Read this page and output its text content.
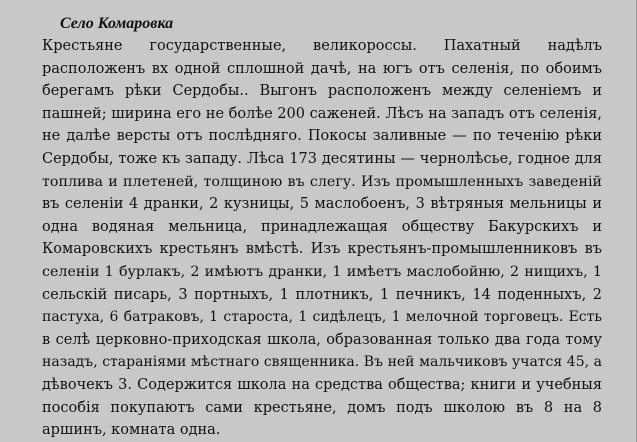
Село Комаровка
Крестьяне государственные, великороссы. Пахатный надѣлъ
расположенъ вх одной сплошной дачѣ, на югъ отъ селенія, по обоимъ
берегамъ рѣки Сердобы.. Выгонъ расположенъ между селеніемъ и
пашней; ширина его не болѣе 200 саженей. Лѣсъ на западъ отъ селенія,
не далѣе версты отъ послѣдняго. Покосы заливные — по теченію рѣки
Сердобы, тоже къ западу. Лѣса 173 десятины — чернолѣсье, годное для
топлива и плетеней, толщиною въ слегу. Изъ промышленныхъ заведеній
въ селеніи 4 дранки, 2 кузницы, 5 маслобоенъ, 3 вѣтряныя мельницы и
одна водяная мельница, принадлежащая обществу Бакурскихъ и
Комаровскихъ крестьянъ вмѣстѣ. Изъ крестьянъ-промышленниковъ въ
селеніи 1 бурлакъ, 2 имѣютъ дранки, 1 имѣетъ маслобойню, 2 нищихъ, 1
сельскій писарь, 3 портныхъ, 1 плотникъ, 1 печникъ, 14 поденныхъ, 2
пастуха, 6 батраковъ, 1 староста, 1 сидѣлецъ, 1 мелочной торговецъ. Есть
в селѣ церковно-приходская школа, образованная только два года тому
назадъ, стараніями мѣстнаго священника. Въ ней мальчиковъ учатся 45, а
дѣвочекъ 3. Содержится школа на средства общества; книги и учебныя
пособія покупаютъ сами крестьяне, домъ подъ школою въ 8 на 8
аршинъ, комната одна.
